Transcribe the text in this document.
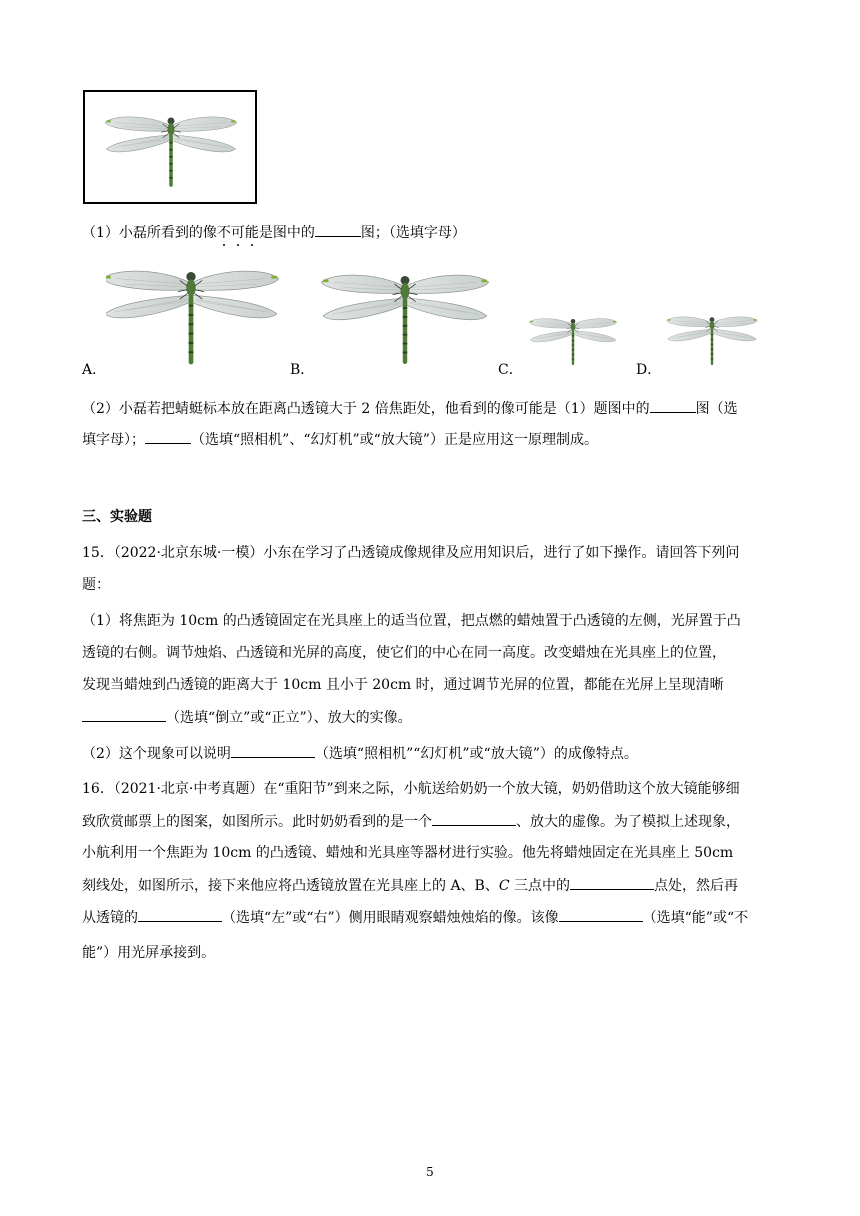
（1）小磊所看到的像不可能是图中的	图；（选填字母）
A．	B．	C．	D．
（2）小磊若把蜻蜓标本放在距离凸透镜大于 2 倍焦距处，他看到的像可能是（1）题图中的	图（选
填字母）；	（选填“照相机”、“幻灯机”或“放大镜”）正是应用这一原理制成。
三、实验题
15．（2022·北京东城·一模）小东在学习了凸透镜成像规律及应用知识后，进行了如下操作。请回答下列问
题：
（1）将焦距为 10cm 的凸透镜固定在光具座上的适当位置，把点燃的蜡烛置于凸透镜的左侧，光屏置于凸
透镜的右侧。调节烛焰、凸透镜和光屏的高度，使它们的中心在同一高度。改变蜡烛在光具座上的位置，
发现当蜡烛到凸透镜的距离大于 10cm 且小于 20cm 时，通过调节光屏的位置，都能在光屏上呈现清晰
（选填“倒立”或“正立”）、放大的实像。
（2）这个现象可以说明	（选填“照相机”“幻灯机”或“放大镜”）的成像特点。
16．（2021·北京·中考真题）在“重阳节”到来之际，小航送给奶奶一个放大镜，奶奶借助这个放大镜能够细
致欣赏邮票上的图案，如图所示。此时奶奶看到的是一个	、放大的虚像。为了模拟上述现象，
小航利用一个焦距为 10cm 的凸透镜、蜡烛和光具座等器材进行实验。他先将蜡烛固定在光具座上 50cm
刻线处，如图所示，接下来他应将凸透镜放置在光具座上的 A、B、C 三点中的	点处，然后再
从透镜的	（选填“左”或“右”）侧用眼睛观察蜡烛烛焰的像。该像	（选填“能”或“不
能”）用光屏承接到。
5
